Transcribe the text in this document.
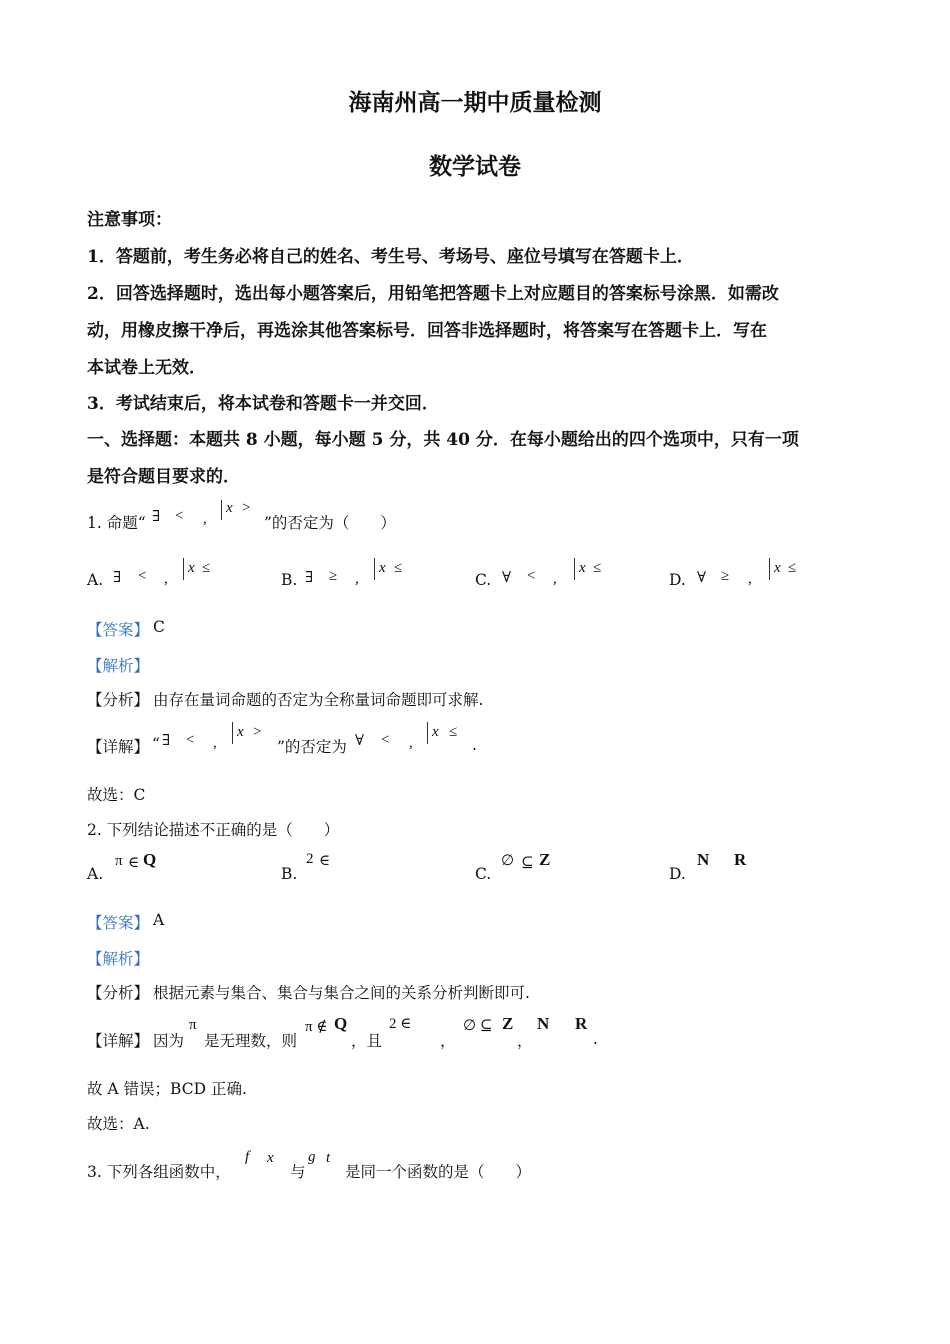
海南州高一期中质量检测
数学试卷
注意事项：
1．答题前，考生务必将自己的姓名、考生号、考场号、座位号填写在答题卡上．
2．回答选择题时，选出每小题答案后，用铅笔把答题卡上对应题目的答案标号涂黑．如需改
动，用橡皮擦干净后，再选涂其他答案标号．回答非选择题时，将答案写在答题卡上．写在
本试卷上无效．
3．考试结束后，将本试卷和答题卡一并交回．
一、选择题：本题共 8 小题，每小题 5 分，共 40 分．在每小题给出的四个选项中，只有一项
是符合题目要求的．
1. 命题“ ∃ < ,
x >
”的否定为（　　）
A. ∃ < ,
x ≤
B. ∃ ≥ ,
x ≤
C. ∀ < ,
x ≤
D. ∀ ≥ ,
x ≤
【答案】 C
【解析】
【分析】 由存在量词命题的否定为全称量词命题即可求解.
【详解】 “ ∃ < ,
x >
”的否定为 ∀ < ,
x ≤
.
故选：C
2. 下列结论描述不正确的是（　　）
A.
π ∈ Q
B.
2 ∈
C.
∅ ⊆ Z
D.
N R
【答案】 A
【解析】
【分析】 根据元素与集合、集合与集合之间的关系分析判断即可.
【详解】 因为
π
是无理数，则
π ∉ Q
，且
2 ∈
，
∅ ⊆ Z
，
N R
.
故 A 错误；BCD 正确.
故选：A.
3. 下列各组函数中，
f x
与
g t
是同一个函数的是（　　）
